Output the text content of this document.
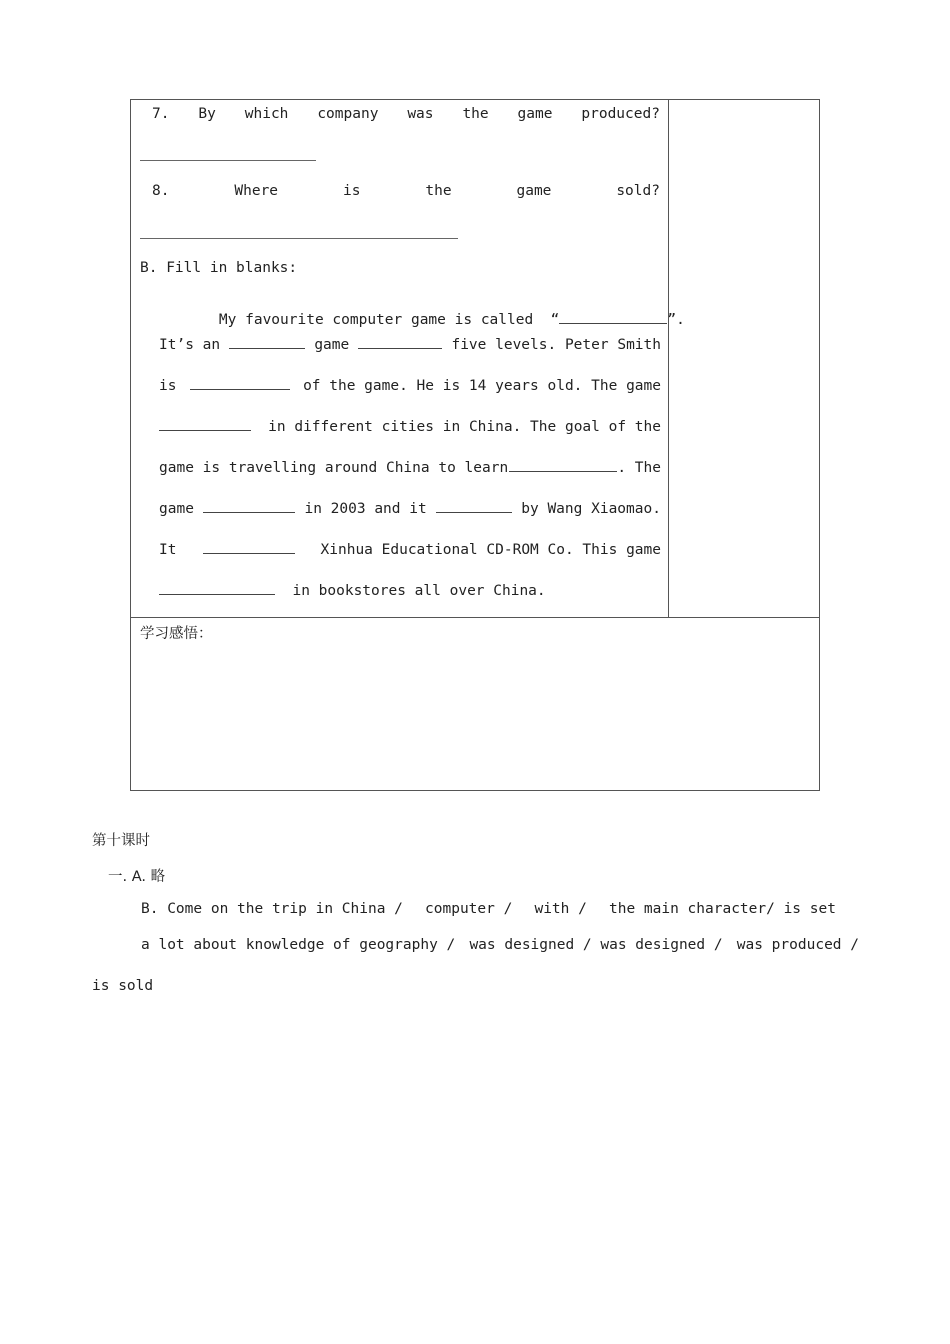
7. By which company was the game produced?
8.	Where	is	the	game	sold?
B. Fill in blanks:

My favourite computer game is called “	”.

It’s an	game	five levels. Peter Smith
is	of the game. He is 14 years old. The game
in different cities in China. The goal of the
game is travelling around China to learn	. The
game	in 2003 and it	by Wang Xiaomao.
It	Xinhua Educational CD-ROM Co. This game
in bookstores all over China.
学习感悟：
第十课时
一. A. 略
B. Come on the trip in China / computer / with / the main character/ is set
a lot about knowledge of geography / was designed / was designed / was produced /
is sold
